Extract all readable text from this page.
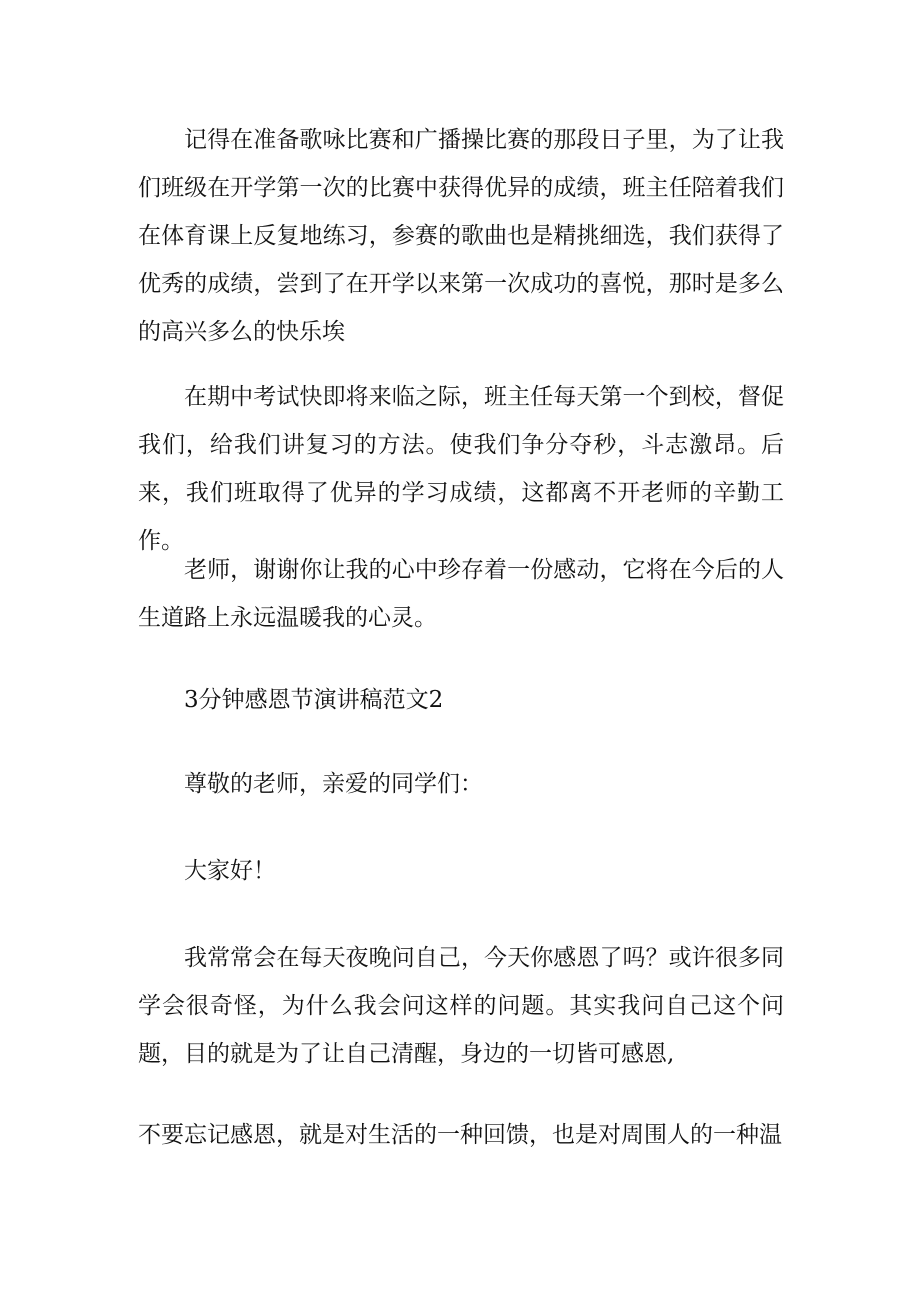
记得在准备歌咏比赛和广播操比赛的那段日子里，为了让我们班级在开学第一次的比赛中获得优异的成绩，班主任陪着我们在体育课上反复地练习，参赛的歌曲也是精挑细选，我们获得了优秀的成绩，尝到了在开学以来第一次成功的喜悦，那时是多么的高兴多么的快乐埃

在期中考试快即将来临之际，班主任每天第一个到校，督促我们，给我们讲复习的方法。使我们争分夺秒，斗志激昂。后来，我们班取得了优异的学习成绩，这都离不开老师的辛勤工作。

老师，谢谢你让我的心中珍存着一份感动，它将在今后的人生道路上永远温暖我的心灵。

3分钟感恩节演讲稿范文2

尊敬的老师，亲爱的同学们：

大家好！

我常常会在每天夜晚问自己，今天你感恩了吗？或许很多同学会很奇怪，为什么我会问这样的问题。其实我问自己这个问题，目的就是为了让自己清醒，身边的一切皆可感恩,

不要忘记感恩，就是对生活的一种回馈，也是对周围人的一种温
